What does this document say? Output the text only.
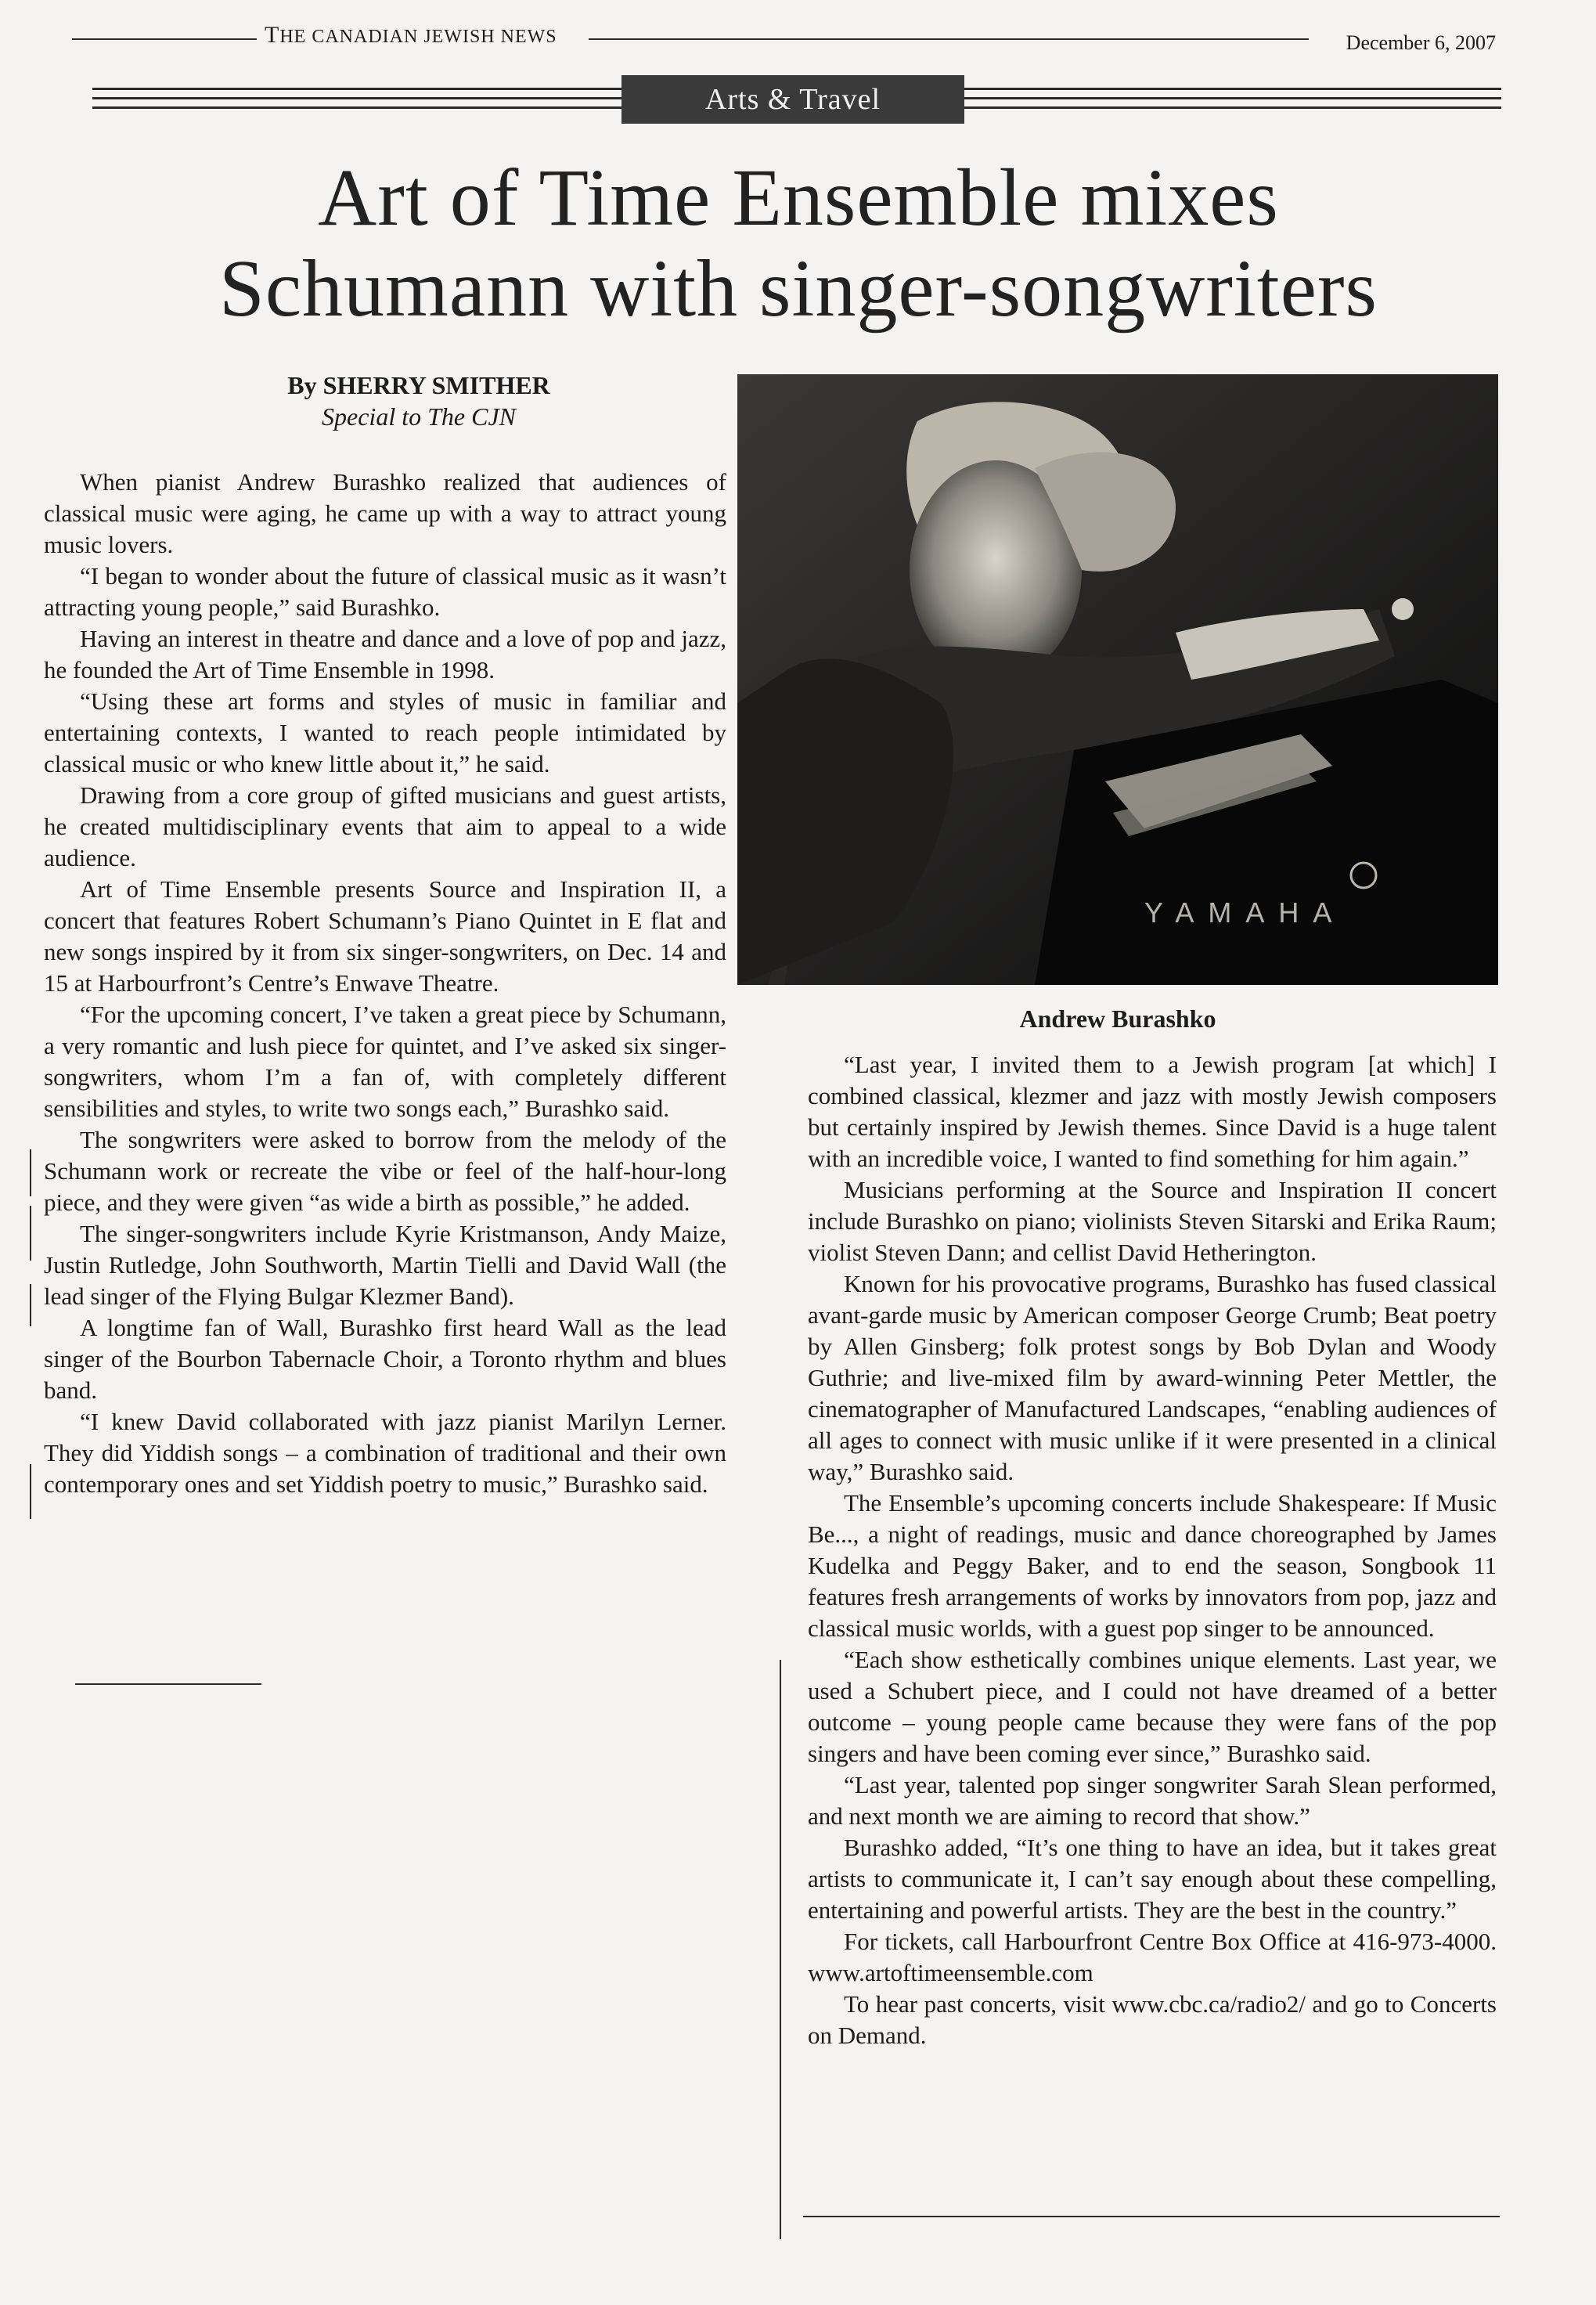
THE CANADIAN JEWISH NEWS	December 6, 2007
Arts & Travel
Art of Time Ensemble mixes
Schumann with singer-songwriters
By SHERRY SMITHER
Special to The CJN
YAMAHA
Andrew Burashko

When pianist Andrew Burashko realized that audiences of classical music were aging, he came up with a way to attract young music lovers.

“I began to wonder about the future of classical music as it wasn’t attracting young people,” said Burashko.

Having an interest in theatre and dance and a love of pop and jazz, he founded the Art of Time Ensemble in 1998.

“Using these art forms and styles of music in familiar and entertaining contexts, I wanted to reach people intimidated by classical music or who knew little about it,” he said.

Drawing from a core group of gifted musicians and guest artists, he created multidisciplinary events that aim to appeal to a wide audience.

Art of Time Ensemble presents Source and Inspiration II, a concert that features Robert Schumann’s Piano Quintet in E flat and new songs inspired by it from six singer-songwriters, on Dec. 14 and 15 at Harbourfront’s Centre’s Enwave Theatre.

“For the upcoming concert, I’ve taken a great piece by Schumann, a very romantic and lush piece for quintet, and I’ve asked six singer-songwriters, whom I’m a fan of, with completely different sensibilities and styles, to write two songs each,” Burashko said.

The songwriters were asked to borrow from the melody of the Schumann work or recreate the vibe or feel of the half-hour-long piece, and they were given “as wide a birth as possible,” he added.

The singer-songwriters include Kyrie Kristmanson, Andy Maize, Justin Rutledge, John Southworth, Martin Tielli and David Wall (the lead singer of the Flying Bulgar Klezmer Band).

A longtime fan of Wall, Burashko first heard Wall as the lead singer of the Bourbon Tabernacle Choir, a Toronto rhythm and blues band.

“I knew David collaborated with jazz pianist Marilyn Lerner. They did Yiddish songs – a combination of traditional and their own contemporary ones and set Yiddish poetry to music,” Burashko said.

“Last year, I invited them to a Jewish program [at which] I combined classical, klezmer and jazz with mostly Jewish composers but certainly inspired by Jewish themes. Since David is a huge talent with an incredible voice, I wanted to find something for him again.”

Musicians performing at the Source and Inspiration II concert include Burashko on piano; violinists Steven Sitarski and Erika Raum; violist Steven Dann; and cellist David Hetherington.

Known for his provocative programs, Burashko has fused classical avant-garde music by American composer George Crumb; Beat poetry by Allen Ginsberg; folk protest songs by Bob Dylan and Woody Guthrie; and live-mixed film by award-winning Peter Mettler, the cinematographer of Manufactured Landscapes, “enabling audiences of all ages to connect with music unlike if it were presented in a clinical way,” Burashko said.

The Ensemble’s upcoming concerts include Shakespeare: If Music Be..., a night of readings, music and dance choreographed by James Kudelka and Peggy Baker, and to end the season, Songbook 11 features fresh arrangements of works by innovators from pop, jazz and classical music worlds, with a guest pop singer to be announced.

“Each show esthetically combines unique elements. Last year, we used a Schubert piece, and I could not have dreamed of a better outcome – young people came because they were fans of the pop singers and have been coming ever since,” Burashko said.

“Last year, talented pop singer songwriter Sarah Slean performed, and next month we are aiming to record that show.”

Burashko added, “It’s one thing to have an idea, but it takes great artists to communicate it, I can’t say enough about these compelling, entertaining and powerful artists. They are the best in the country.”

For tickets, call Harbourfront Centre Box Office at 416-973-4000. www.artoftimeensemble.com

To hear past concerts, visit www.cbc.ca/radio2/ and go to Concerts on Demand.
